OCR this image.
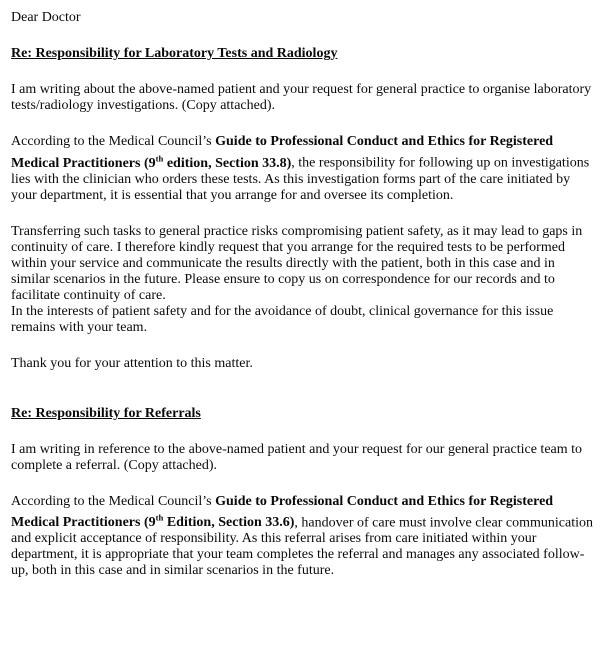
Dear Doctor

Re: Responsibility for Laboratory Tests and Radiology

I am writing about the above-named patient and your request for general practice to organise laboratory tests/radiology investigations. (Copy attached).

According to the Medical Council’s Guide to Professional Conduct and Ethics for Registered Medical Practitioners (9th edition, Section 33.8), the responsibility for following up on investigations lies with the clinician who orders these tests. As this investigation forms part of the care initiated by your department, it is essential that you arrange for and oversee its completion.

Transferring such tasks to general practice risks compromising patient safety, as it may lead to gaps in continuity of care. I therefore kindly request that you arrange for the required tests to be performed within your service and communicate the results directly with the patient, both in this case and in similar scenarios in the future. Please ensure to copy us on correspondence for our records and to facilitate continuity of care.

In the interests of patient safety and for the avoidance of doubt, clinical governance for this issue remains with your team.

Thank you for your attention to this matter.

Re: Responsibility for Referrals

I am writing in reference to the above-named patient and your request for our general practice team to complete a referral. (Copy attached).

According to the Medical Council’s Guide to Professional Conduct and Ethics for Registered Medical Practitioners (9th Edition, Section 33.6), handover of care must involve clear communication and explicit acceptance of responsibility. As this referral arises from care initiated within your department, it is appropriate that your team completes the referral and manages any associated follow-up, both in this case and in similar scenarios in the future.
